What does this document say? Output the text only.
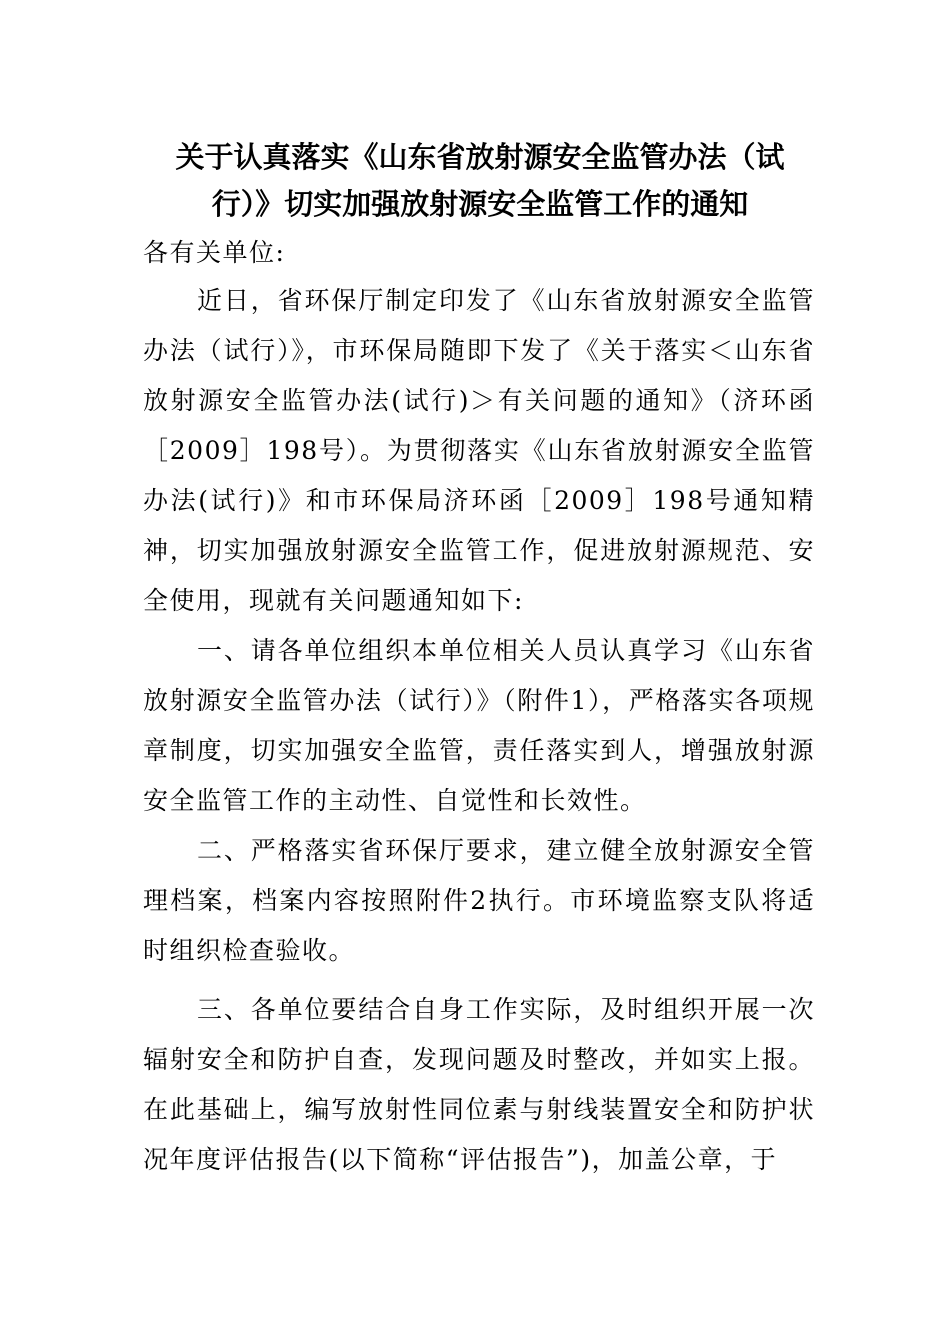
关于认真落实《山东省放射源安全监管办法（试
行）》切实加强放射源安全监管工作的通知

各有关单位:

近日，省环保厅制定印发了《山东省放射源安全监管办法（试行）》，市环保局随即下发了《关于落实＜山东省放射源安全监管办法(试行)＞有关问题的通知》（济环函［2009］198号）。为贯彻落实《山东省放射源安全监管办法(试行)》和市环保局济环函［2009］198号通知精神，切实加强放射源安全监管工作，促进放射源规范、安全使用，现就有关问题通知如下:

一、请各单位组织本单位相关人员认真学习《山东省放射源安全监管办法（试行）》（附件1），严格落实各项规章制度，切实加强安全监管，责任落实到人，增强放射源安全监管工作的主动性、自觉性和长效性。

二、严格落实省环保厅要求，建立健全放射源安全管理档案，档案内容按照附件2执行。市环境监察支队将适时组织检查验收。

三、各单位要结合自身工作实际，及时组织开展一次辐射安全和防护自查，发现问题及时整改，并如实上报。在此基础上，编写放射性同位素与射线装置安全和防护状况年度评估报告(以下简称“评估报告”)，加盖公章，于
